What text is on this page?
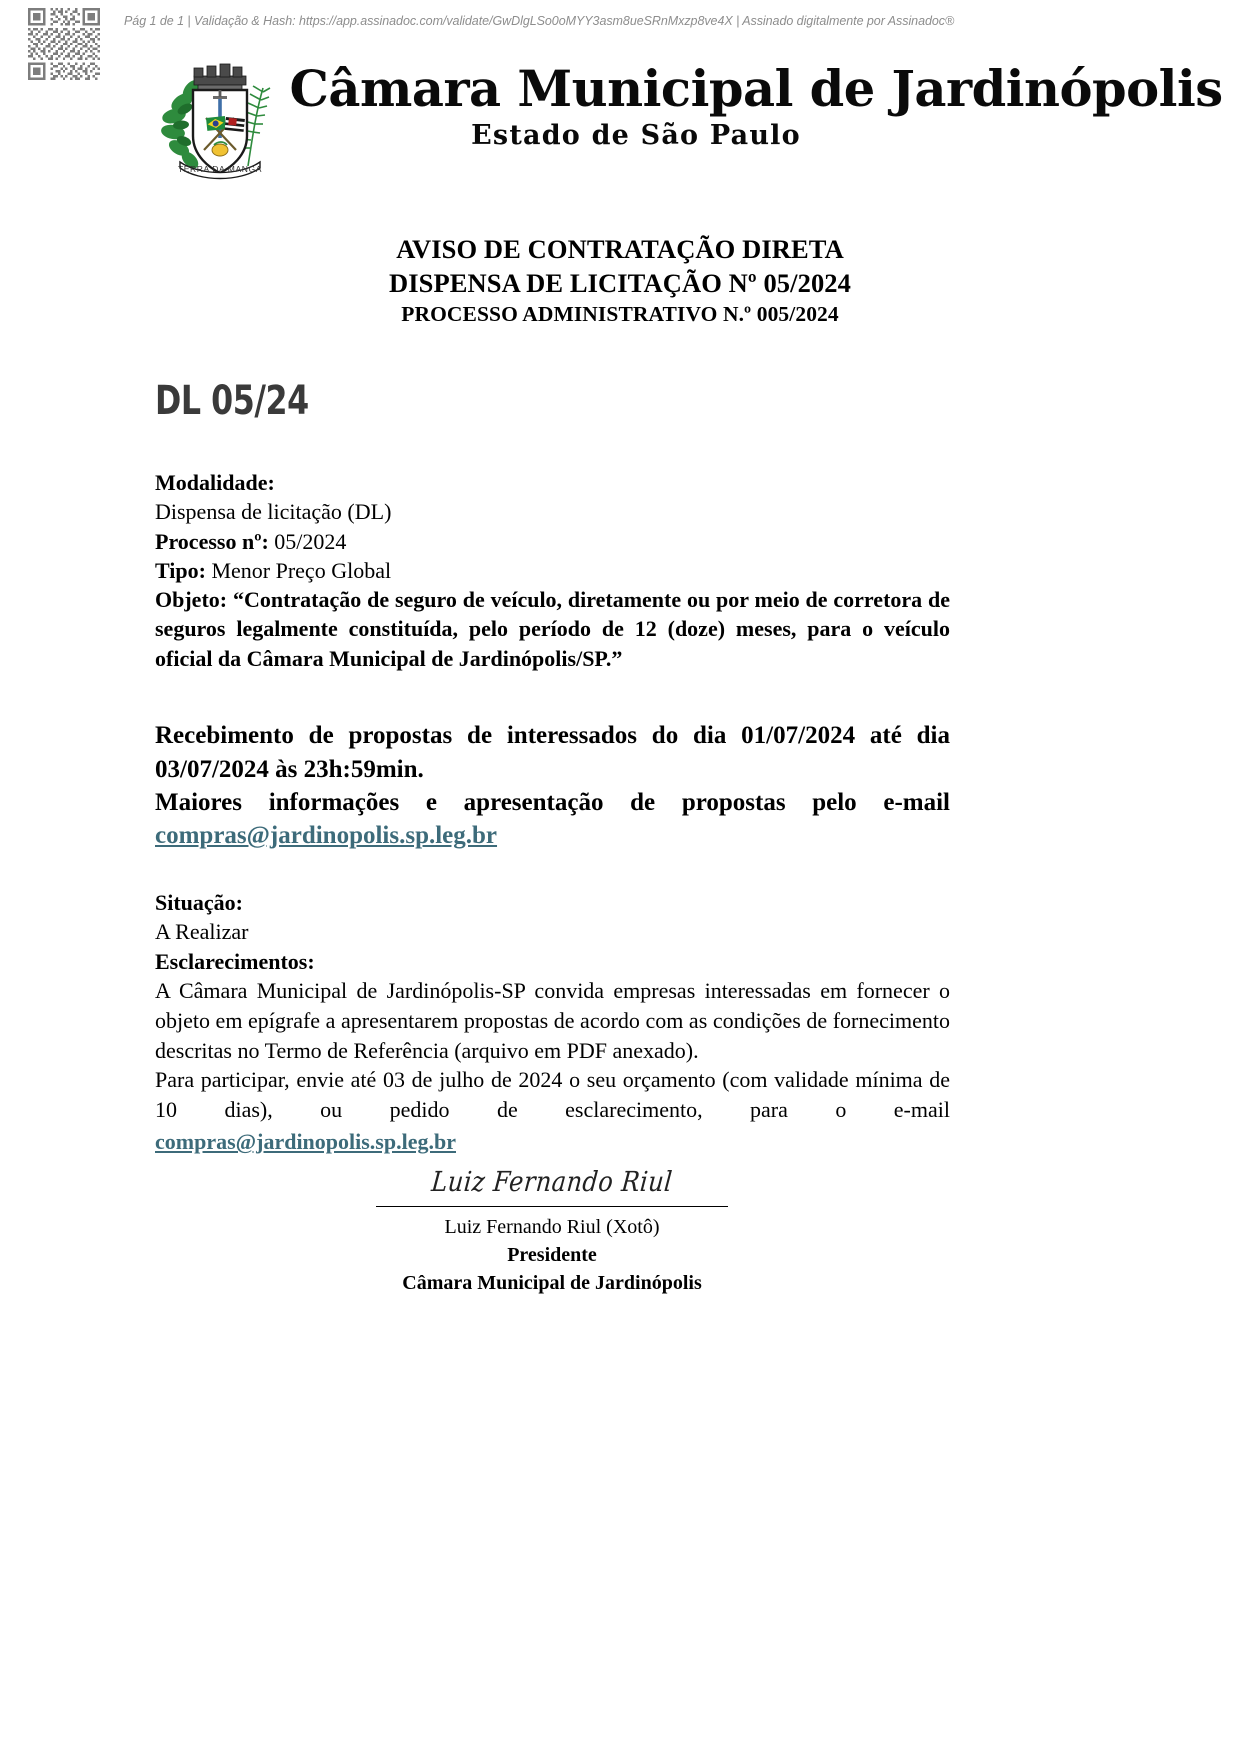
Pág 1 de 1 | Validação & Hash: https://app.assinadoc.com/validate/GwDlgLSo0oMYY3asm8ueSRnMxzp8ve4X | Assinado digitalmente por Assinadoc®
TERRA DA MANGA
Câmara Municipal de Jardinópolis
Estado de São Paulo
AVISO DE CONTRATAÇÃO DIRETA
DISPENSA DE LICITAÇÃO Nº 05/2024
PROCESSO ADMINISTRATIVO N.º 005/2024
DL 05/24
Modalidade:
Dispensa de licitação (DL)
Processo nº: 05/2024
Tipo: Menor Preço Global
Objeto: “Contratação de seguro de veículo, diretamente ou por meio de corretora de seguros legalmente constituída, pelo período de 12 (doze) meses, para o veículo oficial da Câmara Municipal de Jardinópolis/SP.”
Recebimento de propostas de interessados do dia 01/07/2024 até dia 03/07/2024 às 23h:59min.
Maiores informações e apresentação de propostas pelo e-mail
compras@jardinopolis.sp.leg.br
Situação:
A Realizar
Esclarecimentos:

A Câmara Municipal de Jardinópolis-SP convida empresas interessadas em fornecer o objeto em epígrafe a apresentarem propostas de acordo com as condições de fornecimento descritas no Termo de Referência (arquivo em PDF anexado).

Para participar, envie até 03 de julho de 2024 o seu orçamento (com validade mínima de 10 dias), ou pedido de esclarecimento, para o e-mail

compras@jardinopolis.sp.leg.br
Luiz Fernando Riul
Luiz Fernando Riul (Xotô)
Presidente
Câmara Municipal de Jardinópolis
